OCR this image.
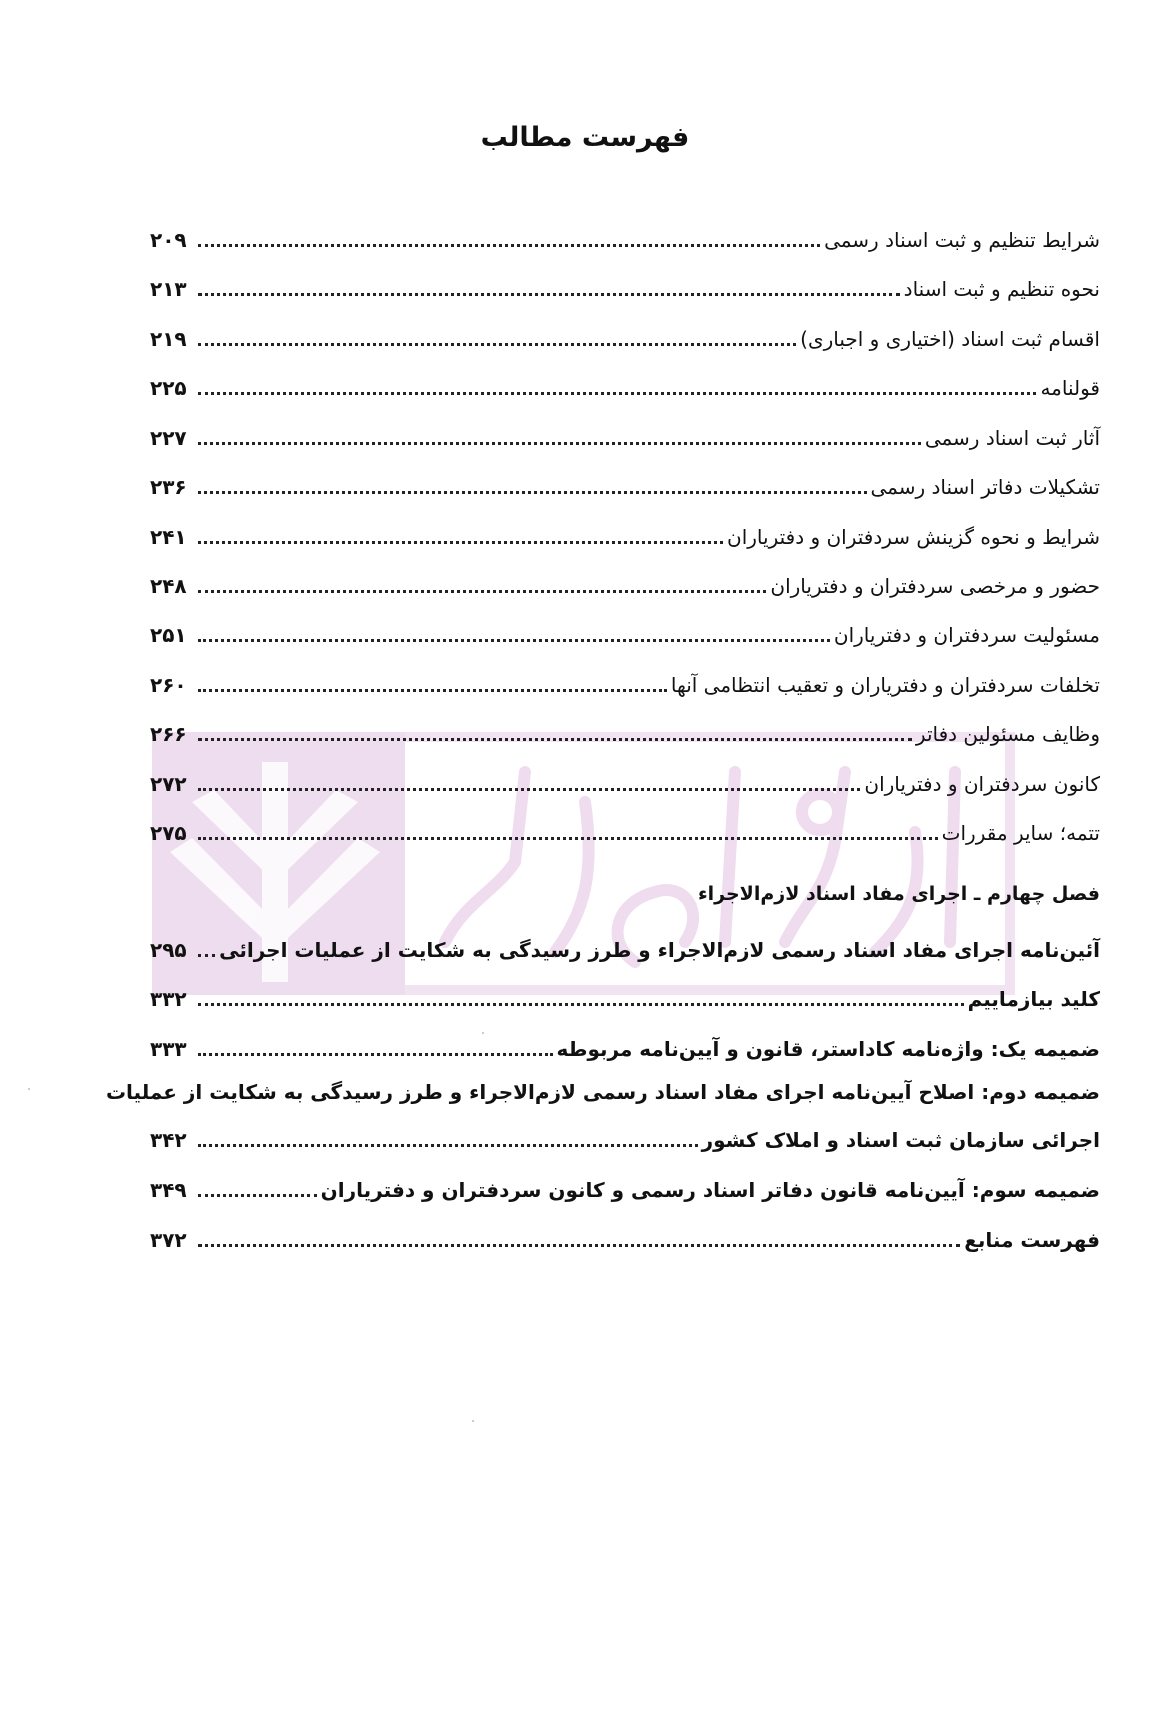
فهرست مطالب
شرایط تنظیم و ثبت اسناد رسمی
۲۰۹
نحوه تنظیم و ثبت اسناد
۲۱۳
اقسام ثبت اسناد (اختیاری و اجباری)
۲۱۹
قولنامه
۲۲۵
آثار ثبت اسناد رسمی
۲۲۷
تشکیلات دفاتر اسناد رسمی
۲۳۶
شرایط و نحوه گزینش سردفتران و دفتریاران
۲۴۱
حضور و مرخصی سردفتران و دفتریاران
۲۴۸
مسئولیت سردفتران و دفتریاران
۲۵۱
تخلفات سردفتران و دفتریاران و تعقیب انتظامی آنها
۲۶۰
وظایف مسئولین دفاتر
۲۶۶
کانون سردفتران و دفتریاران
۲۷۲
تتمه؛ سایر مقررات
۲۷۵
فصل چهارم ـ اجرای مفاد اسناد لازم‌الاجراء
آئین‌نامه اجرای مفاد اسناد رسمی لازم‌الاجراء و طرز رسیدگی به شکایت از عملیات اجرائی
۲۹۵
کلید بیازماییم
۳۳۲
ضمیمه یک: واژه‌نامه کاداستر، قانون و آیین‌نامه مربوطه
۳۳۳
ضمیمه دوم: اصلاح آیین‌نامه اجرای مفاد اسناد رسمی لازم‌الاجراء و طرز رسیدگی به شکایت از عملیات
اجرائی سازمان ثبت اسناد و املاک کشور
۳۴۲
ضمیمه سوم: آیین‌نامه قانون دفاتر اسناد رسمی و کانون سردفتران و دفتریاران
۳۴۹
فهرست منابع
۳۷۲
